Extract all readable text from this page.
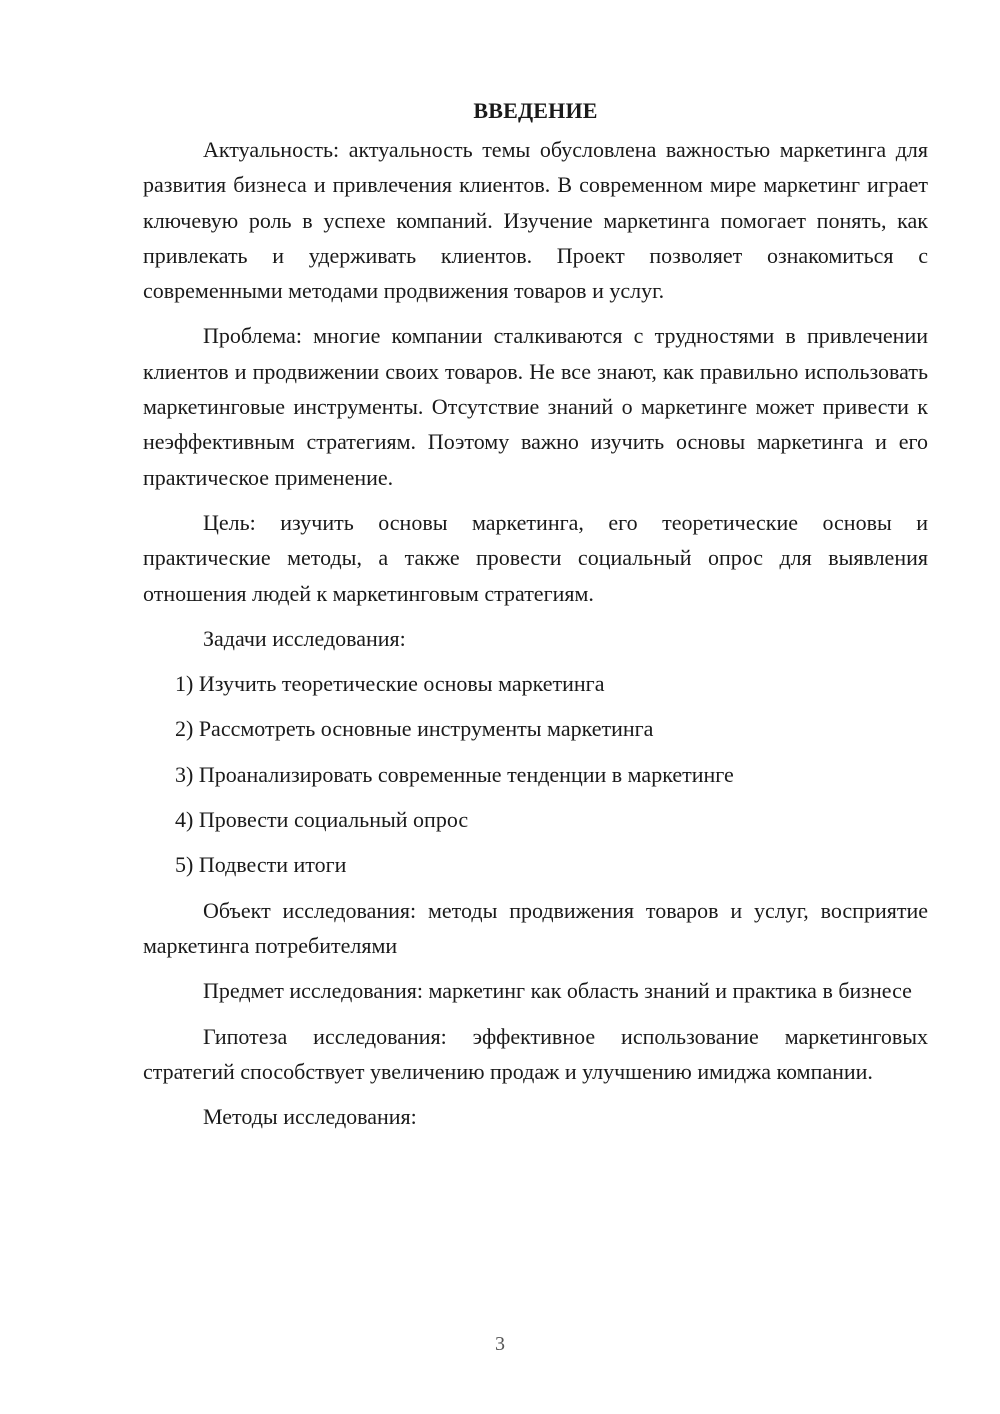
ВВЕДЕНИЕ

Актуальность: актуальность темы обусловлена важностью маркетинга для развития бизнеса и привлечения клиентов. В современном мире маркетинг играет ключевую роль в успехе компаний. Изучение маркетинга помогает понять, как привлекать и удерживать клиентов. Проект позволяет ознакомиться с современными методами продвижения товаров и услуг.

Проблема: многие компании сталкиваются с трудностями в привлечении клиентов и продвижении своих товаров. Не все знают, как правильно использовать маркетинговые инструменты. Отсутствие знаний о маркетинге может привести к неэффективным стратегиям. Поэтому важно изучить основы маркетинга и его практическое применение.

Цель: изучить основы маркетинга, его теоретические основы и практические методы, а также провести социальный опрос для выявления отношения людей к маркетинговым стратегиям.

Задачи исследования:

1) Изучить теоретические основы маркетинга
2) Рассмотреть основные инструменты маркетинга
3) Проанализировать современные тенденции в маркетинге
4) Провести социальный опрос
5) Подвести итоги

Объект исследования: методы продвижения товаров и услуг, восприятие маркетинга потребителями

Предмет исследования: маркетинг как область знаний и практика в бизнесе

Гипотеза исследования: эффективное использование маркетинговых стратегий способствует увеличению продаж и улучшению имиджа компании.

Методы исследования:

3
